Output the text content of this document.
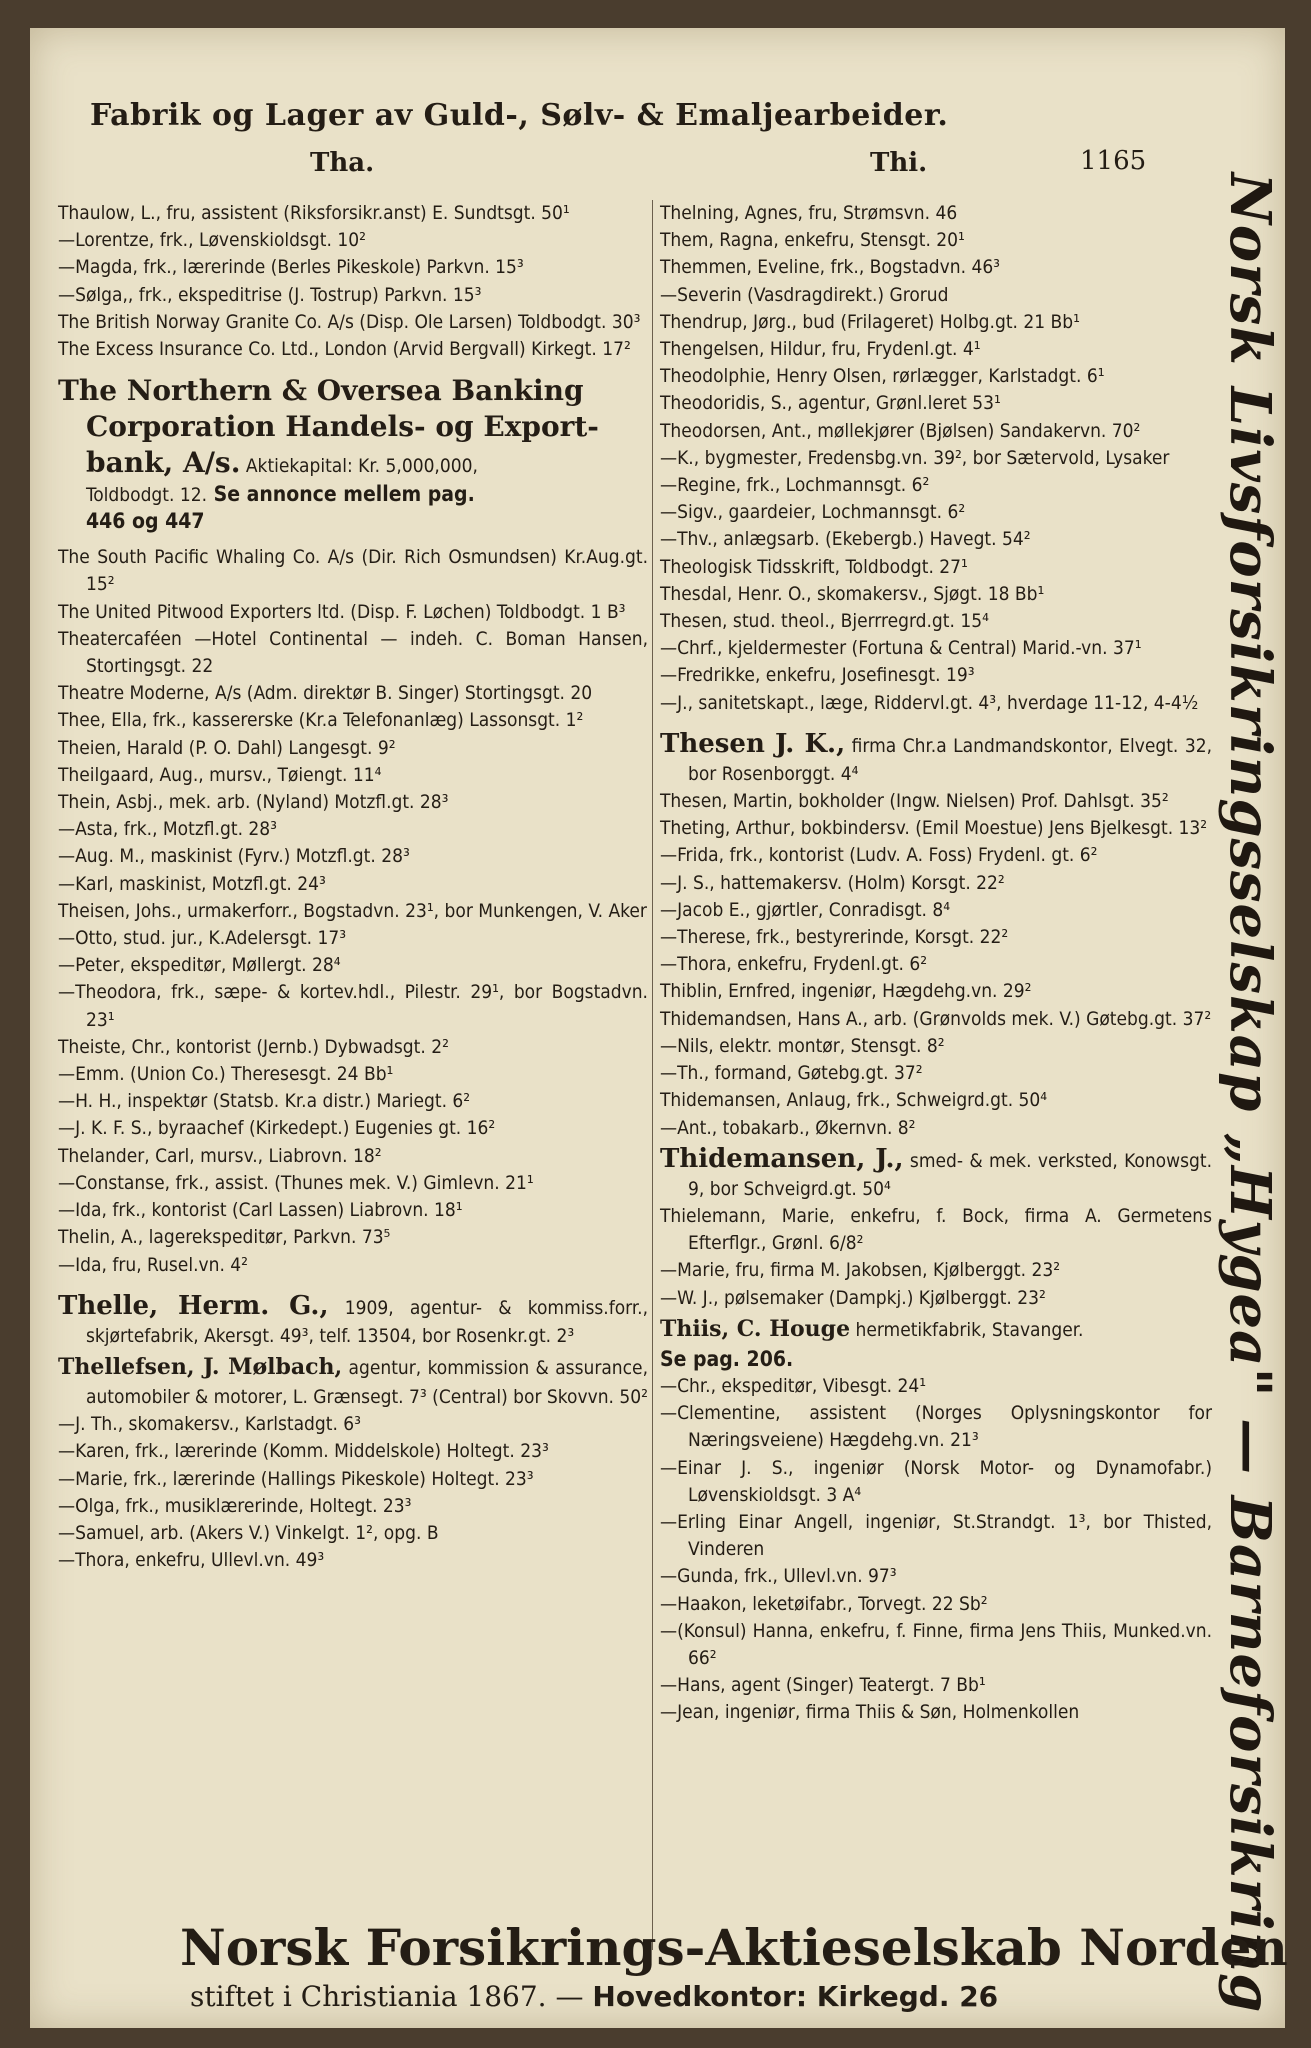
Fabrik og Lager av Guld-, Sølv- & Emaljearbeider.
Tha.	Thi.	1165
Thaulow, L., fru, assistent (Riksforsikr.anst) E. Sundtsgt. 50¹
—Lorentze, frk., Løvenskioldsgt. 10²
—Magda, frk., lærerinde (Berles Pikeskole) Parkvn. 15³
—Sølga,, frk., ekspeditrise (J. Tostrup) Parkvn. 15³
The British Norway Granite Co. A/s (Disp. Ole Larsen) Toldbodgt. 30³
The Excess Insurance Co. Ltd., London (Arvid Bergvall) Kirkegt. 17²
The Northern & Oversea Banking
Corporation Handels- og Export-
bank, A/s. Aktiekapital: Kr. 5,000,000,
Toldbodgt. 12. Se annonce mellem pag.
446 og 447
The South Pacific Whaling Co. A/s (Dir. Rich Osmundsen) Kr.Aug.gt. 15²
The United Pitwood Exporters ltd. (Disp. F. Løchen) Toldbodgt. 1 B³
Theatercaféen —Hotel Continental — indeh. C. Boman Hansen, Stortingsgt. 22
Theatre Moderne, A/s (Adm. direktør B. Singer) Stortingsgt. 20
Thee, Ella, frk., kassererske (Kr.a Telefonanlæg) Lassonsgt. 1²
Theien, Harald (P. O. Dahl) Langesgt. 9²
Theilgaard, Aug., mursv., Tøiengt. 11⁴
Thein, Asbj., mek. arb. (Nyland) Motzfl.gt. 28³
—Asta, frk., Motzfl.gt. 28³
—Aug. M., maskinist (Fyrv.) Motzfl.gt. 28³
—Karl, maskinist, Motzfl.gt. 24³
Theisen, Johs., urmakerforr., Bogstadvn. 23¹, bor Munkengen, V. Aker
—Otto, stud. jur., K.Adelersgt. 17³
—Peter, ekspeditør, Møllergt. 28⁴
—Theodora, frk., sæpe- & kortev.hdl., Pilestr. 29¹, bor Bogstadvn. 23¹
Theiste, Chr., kontorist (Jernb.) Dybwadsgt. 2²
—Emm. (Union Co.) Theresesgt. 24 Bb¹
—H. H., inspektør (Statsb. Kr.a distr.) Mariegt. 6²
—J. K. F. S., byraachef (Kirkedept.) Eugenies gt. 16²
Thelander, Carl, mursv., Liabrovn. 18²
—Constanse, frk., assist. (Thunes mek. V.) Gimlevn. 21¹
—Ida, frk., kontorist (Carl Lassen) Liabrovn. 18¹
Thelin, A., lagerekspeditør, Parkvn. 73⁵
—Ida, fru, Rusel.vn. 4²
Thelle, Herm. G., 1909, agentur- & kommiss.forr., skjørtefabrik, Akersgt. 49³, telf. 13504, bor Rosenkr.gt. 2³
Thellefsen, J. Mølbach, agentur, kommission & assurance, automobiler & motorer, L. Grænsegt. 7³ (Central) bor Skovvn. 50²
—J. Th., skomakersv., Karlstadgt. 6³
—Karen, frk., lærerinde (Komm. Middelskole) Holtegt. 23³
—Marie, frk., lærerinde (Hallings Pikeskole) Holtegt. 23³
—Olga, frk., musiklærerinde, Holtegt. 23³
—Samuel, arb. (Akers V.) Vinkelgt. 1², opg. B
—Thora, enkefru, Ullevl.vn. 49³
Thelning, Agnes, fru, Strømsvn. 46
Them, Ragna, enkefru, Stensgt. 20¹
Themmen, Eveline, frk., Bogstadvn. 46³
—Severin (Vasdragdirekt.) Grorud
Thendrup, Jørg., bud (Frilageret) Holbg.gt. 21 Bb¹
Thengelsen, Hildur, fru, Frydenl.gt. 4¹
Theodolphie, Henry Olsen, rørlægger, Karlstadgt. 6¹
Theodoridis, S., agentur, Grønl.leret 53¹
Theodorsen, Ant., møllekjører (Bjølsen) Sandakervn. 70²
—K., bygmester, Fredensbg.vn. 39², bor Sætervold, Lysaker
—Regine, frk., Lochmannsgt. 6²
—Sigv., gaardeier, Lochmannsgt. 6²
—Thv., anlægsarb. (Ekebergb.) Havegt. 54²
Theologisk Tidsskrift, Toldbodgt. 27¹
Thesdal, Henr. O., skomakersv., Sjøgt. 18 Bb¹
Thesen, stud. theol., Bjerrregrd.gt. 15⁴
—Chrf., kjeldermester (Fortuna & Central) Marid.-vn. 37¹
—Fredrikke, enkefru, Josefinesgt. 19³
—J., sanitetskapt., læge, Riddervl.gt. 4³, hverdage 11-12, 4-4½
Thesen J. K., firma Chr.a Landmandskontor, Elvegt. 32, bor Rosenborggt. 4⁴
Thesen, Martin, bokholder (Ingw. Nielsen) Prof. Dahlsgt. 35²
Theting, Arthur, bokbindersv. (Emil Moestue) Jens Bjelkesgt. 13²
—Frida, frk., kontorist (Ludv. A. Foss) Frydenl. gt. 6²
—J. S., hattemakersv. (Holm) Korsgt. 22²
—Jacob E., gjørtler, Conradisgt. 8⁴
—Therese, frk., bestyrerinde, Korsgt. 22²
—Thora, enkefru, Frydenl.gt. 6²
Thiblin, Ernfred, ingeniør, Hægdehg.vn. 29²
Thidemandsen, Hans A., arb. (Grønvolds mek. V.) Gøtebg.gt. 37²
—Nils, elektr. montør, Stensgt. 8²
—Th., formand, Gøtebg.gt. 37²
Thidemansen, Anlaug, frk., Schweigrd.gt. 50⁴
—Ant., tobakarb., Økernvn. 8²
Thidemansen, J., smed- & mek. verksted, Konowsgt. 9, bor Schveigrd.gt. 50⁴
Thielemann, Marie, enkefru, f. Bock, firma A. Germetens Efterflgr., Grønl. 6/8²
—Marie, fru, firma M. Jakobsen, Kjølberggt. 23²
—W. J., pølsemaker (Dampkj.) Kjølberggt. 23²
Thiis, C. Houge hermetikfabrik, Stavanger.
Se pag. 206.
—Chr., ekspeditør, Vibesgt. 24¹
—Clementine, assistent (Norges Oplysningskontor for Næringsveiene) Hægdehg.vn. 21³
—Einar J. S., ingeniør (Norsk Motor- og Dynamofabr.) Løvenskioldsgt. 3 A⁴
—Erling Einar Angell, ingeniør, St.Strandgt. 1³, bor Thisted, Vinderen
—Gunda, frk., Ullevl.vn. 97³
—Haakon, leketøifabr., Torvegt. 22 Sb²
—(Konsul) Hanna, enkefru, f. Finne, firma Jens Thiis, Munked.vn. 66²
—Hans, agent (Singer) Teatergt. 7 Bb¹
—Jean, ingeniør, firma Thiis & Søn, Holmenkollen	Norsk Livsforsikringsselskap „Hygea" — Barneforsikring
Norsk Forsikrings-Aktieselskab Norden
stiftet i Christiania 1867. — Hovedkontor: Kirkegd. 26
